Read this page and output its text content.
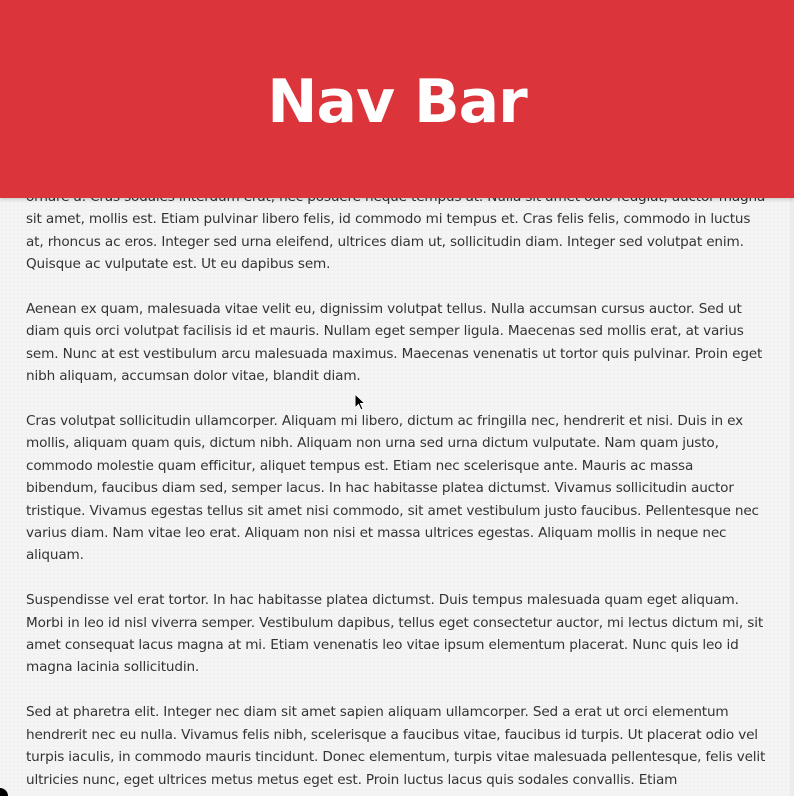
Nav Bar

sit amet, mollis est. Etiam pulvinar libero felis, id commodo mi tempus et. Cras felis felis, commodo in luctus at, rhoncus ac eros. Integer sed urna eleifend, ultrices diam ut, sollicitudin diam. Integer sed volutpat enim. Quisque ac vulputate est. Ut eu dapibus sem.

Aenean ex quam, malesuada vitae velit eu, dignissim volutpat tellus. Nulla accumsan cursus auctor. Sed ut diam quis orci volutpat facilisis id et mauris. Nullam eget semper ligula. Maecenas sed mollis erat, at varius sem. Nunc at est vestibulum arcu malesuada maximus. Maecenas venenatis ut tortor quis pulvinar. Proin eget nibh aliquam, accumsan dolor vitae, blandit diam.

Cras volutpat sollicitudin ullamcorper. Aliquam mi libero, dictum ac fringilla nec, hendrerit et nisi. Duis in ex mollis, aliquam quam quis, dictum nibh. Aliquam non urna sed urna dictum vulputate. Nam quam justo, commodo molestie quam efficitur, aliquet tempus est. Etiam nec scelerisque ante. Mauris ac massa bibendum, faucibus diam sed, semper lacus. In hac habitasse platea dictumst. Vivamus sollicitudin auctor tristique. Vivamus egestas tellus sit amet nisi commodo, sit amet vestibulum justo faucibus. Pellentesque nec varius diam. Nam vitae leo erat. Aliquam non nisi et massa ultrices egestas. Aliquam mollis in neque nec aliquam.

Suspendisse vel erat tortor. In hac habitasse platea dictumst. Duis tempus malesuada quam eget aliquam. Morbi in leo id nisl viverra semper. Vestibulum dapibus, tellus eget consectetur auctor, mi lectus dictum mi, sit amet consequat lacus magna at mi. Etiam venenatis leo vitae ipsum elementum placerat. Nunc quis leo id magna lacinia sollicitudin.

Sed at pharetra elit. Integer nec diam sit amet sapien aliquam ullamcorper. Sed a erat ut orci elementum hendrerit nec eu nulla. Vivamus felis nibh, scelerisque a faucibus vitae, faucibus id turpis. Ut placerat odio vel turpis iaculis, in commodo mauris tincidunt. Donec elementum, turpis vitae malesuada pellentesque, felis velit ultricies nunc, eget ultrices metus metus eget est. Proin luctus lacus quis sodales convallis. Etiam
